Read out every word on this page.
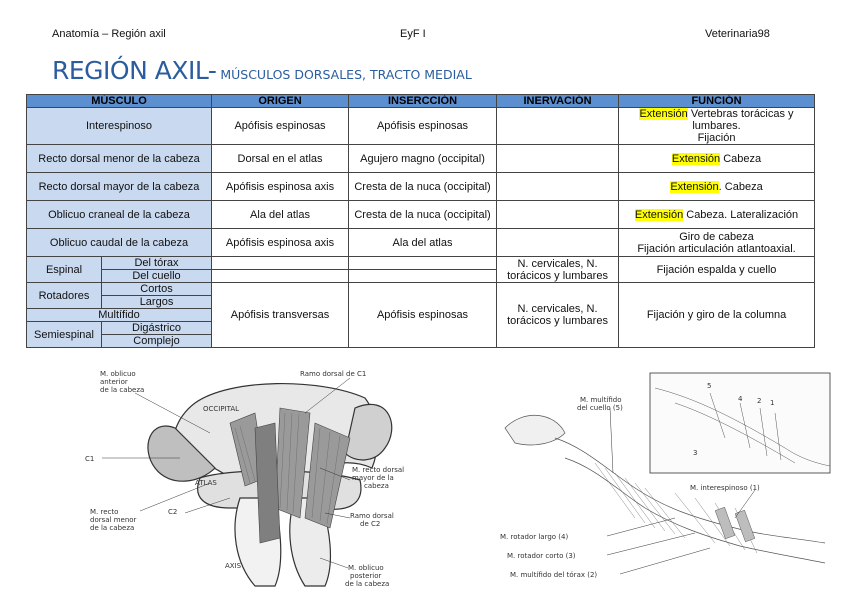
Anatomía – Región axil	EyF I	Veterinaria98
REGIÓN AXIL- MÚSCULOS DORSALES, TRACTO MEDIAL
MÚSCULO		ORIGEN	INSERCCIÓN	INERVACIÓN	FUNCIÓN
Interespinoso		Apófisis espinosas	Apófisis espinosas		Extensión Vertebras torácicas y lumbares.
Fijación
Recto dorsal menor de la cabeza		Dorsal en el atlas	Agujero magno (occipital)		Extensión Cabeza
Recto dorsal mayor de la cabeza		Apófisis espinosa axis	Cresta de la nuca (occipital)		Extensión. Cabeza
Oblicuo craneal de la cabeza		Ala del atlas	Cresta de la nuca (occipital)		Extensión Cabeza. Lateralización
Oblicuo caudal de la cabeza		Apófisis espinosa axis	Ala del atlas		Giro de cabeza
Fijación articulación atlantoaxial.
Espinal	Del tórax			N. cervicales, N. torácicos y lumbares	Fijación espalda y cuello
	Del cuello				
Rotadores	Cortos	Apófisis transversas	Apófisis espinosas	N. cervicales, N. torácicos y lumbares	Fijación y giro de la columna
	Largos				
Multífido					
Semiespinal	Digástrico				
	Complejo				
M. oblicuo
anterior
de la cabeza
Ramo dorsal de C1
OCCIPITAL
C1
ATLAS
M. recto dorsal
mayor de la
cabeza
C2
M. recto
dorsal menor
de la cabeza
Ramo dorsal
de C2
AXIS	M. oblicuo
posterior
de la cabeza
M. multífido
del cuello (5)
M. interespinoso (1)
M. rotador largo (4)
M. rotador corto (3)
M. multífido del tórax (2)
5
4 2 1
3
